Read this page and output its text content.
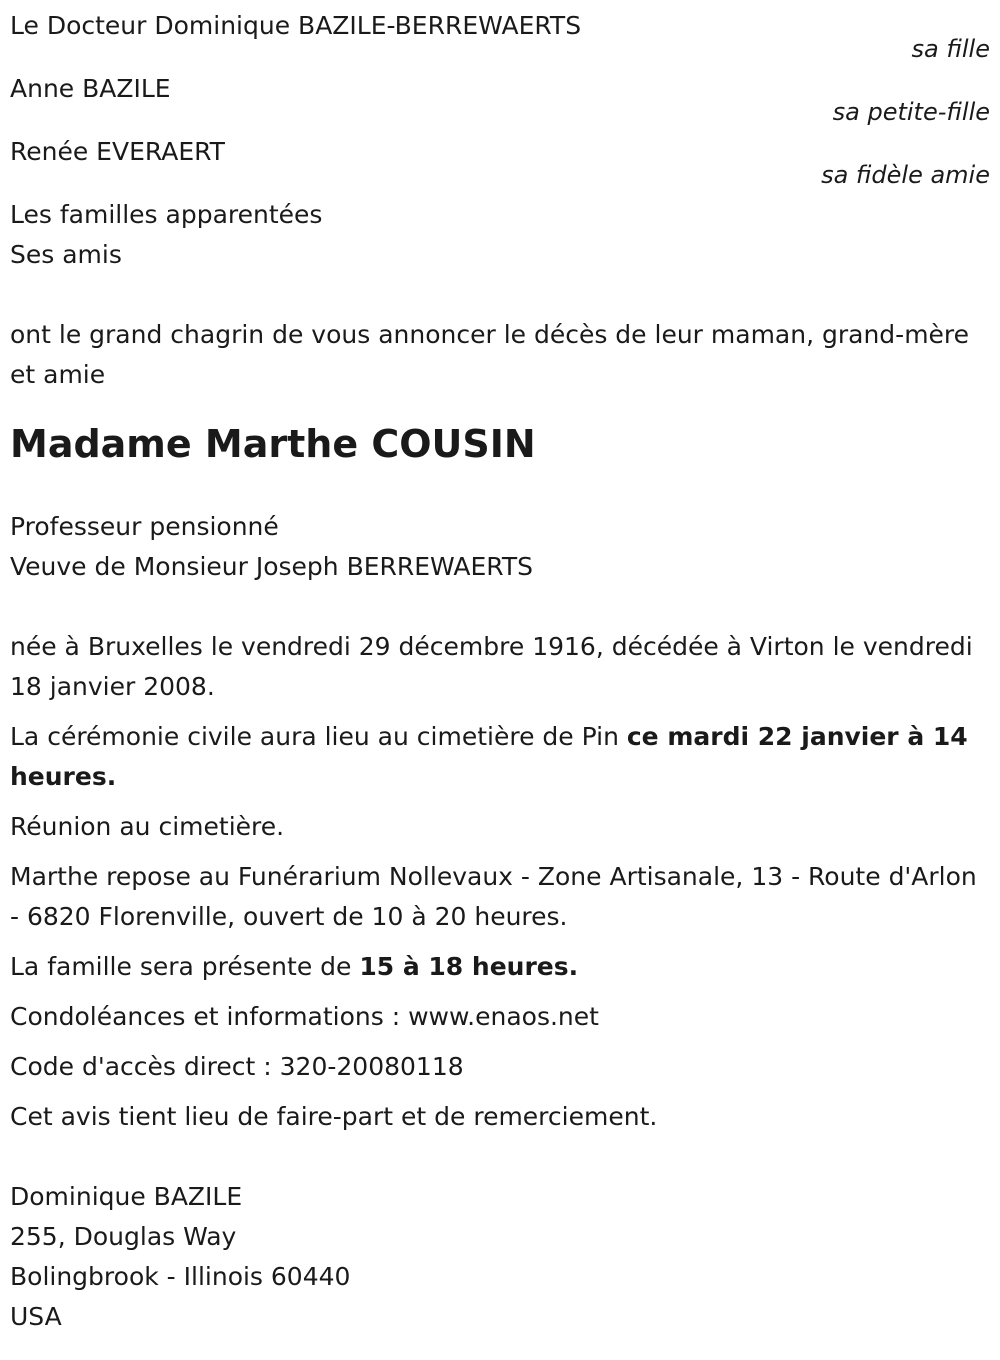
Le Docteur Dominique BAZILE-BERREWAERTS
sa fille
Anne BAZILE
sa petite-fille
Renée EVERAERT
sa fidèle amie
Les familles apparentées
Ses amis
ont le grand chagrin de vous annoncer le décès de leur maman, grand-mère et amie
Madame Marthe COUSIN
Professeur pensionné
Veuve de Monsieur Joseph BERREWAERTS
née à Bruxelles le vendredi 29 décembre 1916, décédée à Virton le vendredi 18 janvier 2008.
La cérémonie civile aura lieu au cimetière de Pin ce mardi 22 janvier à 14 heures.
Réunion au cimetière.
Marthe repose au Funérarium Nollevaux - Zone Artisanale, 13 - Route d'Arlon - 6820 Florenville, ouvert de 10 à 20 heures.
La famille sera présente de 15 à 18 heures.
Condoléances et informations : www.enaos.net
Code d'accès direct : 320-20080118
Cet avis tient lieu de faire-part et de remerciement.
Dominique BAZILE
255, Douglas Way
Bolingbrook - Illinois 60440
USA
